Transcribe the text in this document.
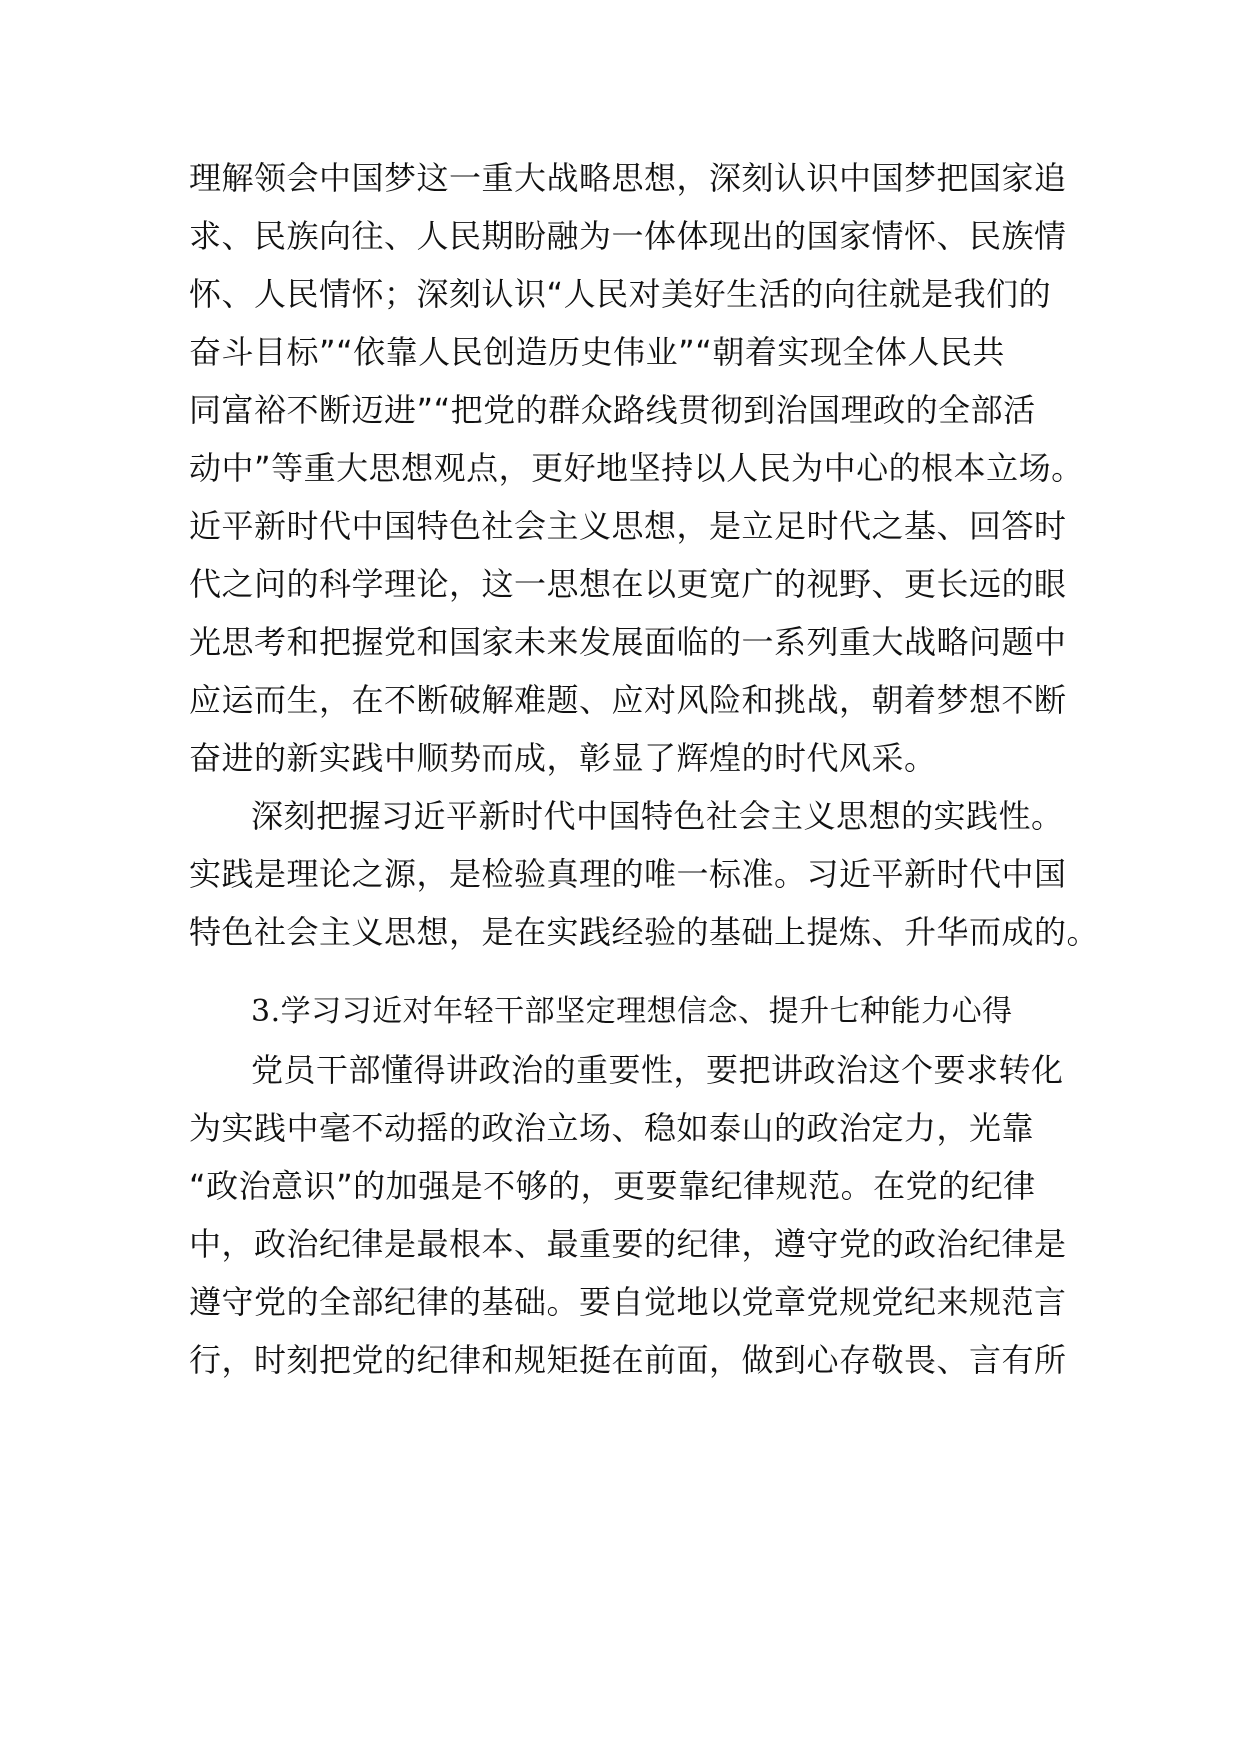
理解领会中国梦这一重大战略思想，深刻认识中国梦把国家追
求、民族向往、人民期盼融为一体体现出的国家情怀、民族情
怀、人民情怀；深刻认识“人民对美好生活的向往就是我们的
奋斗目标”“依靠人民创造历史伟业”“朝着实现全体人民共
同富裕不断迈进”“把党的群众路线贯彻到治国理政的全部活
动中”等重大思想观点，更好地坚持以人民为中心的根本立场。
近平新时代中国特色社会主义思想，是立足时代之基、回答时
代之问的科学理论，这一思想在以更宽广的视野、更长远的眼
光思考和把握党和国家未来发展面临的一系列重大战略问题中
应运而生，在不断破解难题、应对风险和挑战，朝着梦想不断
奋进的新实践中顺势而成，彰显了辉煌的时代风采。
深刻把握习近平新时代中国特色社会主义思想的实践性。
实践是理论之源，是检验真理的唯一标准。习近平新时代中国
特色社会主义思想，是在实践经验的基础上提炼、升华而成的。
3.学习习近对年轻干部坚定理想信念、提升七种能力心得
党员干部懂得讲政治的重要性，要把讲政治这个要求转化
为实践中毫不动摇的政治立场、稳如泰山的政治定力，光靠
“政治意识”的加强是不够的，更要靠纪律规范。在党的纪律
中，政治纪律是最根本、最重要的纪律，遵守党的政治纪律是
遵守党的全部纪律的基础。要自觉地以党章党规党纪来规范言
行，时刻把党的纪律和规矩挺在前面，做到心存敬畏、言有所
